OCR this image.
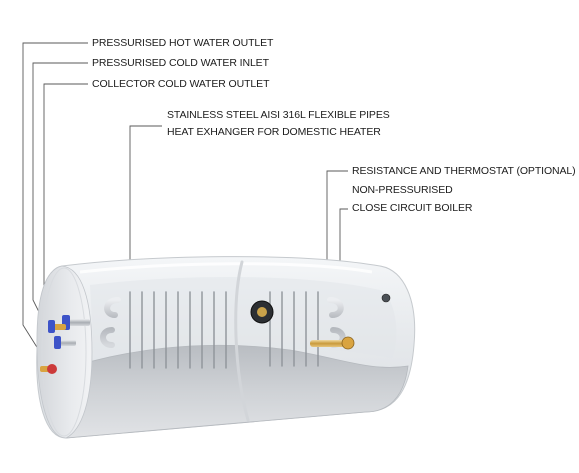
PRESSURISED HOT WATER OUTLET
PRESSURISED COLD WATER INLET
COLLECTOR COLD WATER OUTLET
STAINLESS STEEL AISI 316L FLEXIBLE PIPES
HEAT EXHANGER FOR DOMESTIC HEATER
RESISTANCE AND THERMOSTAT (OPTIONAL)
NON-PRESSURISED
CLOSE CIRCUIT BOILER
